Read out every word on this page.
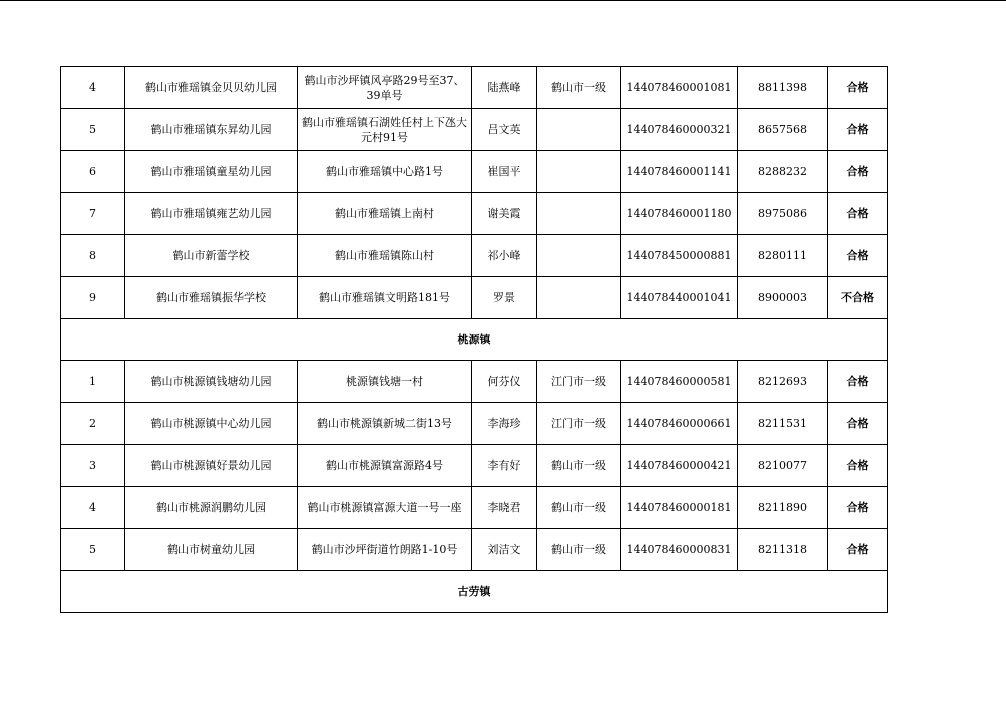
4	鹤山市雅瑶镇金贝贝幼儿园	鹤山市沙坪镇风亭路29号至37、39单号	陆燕峰	鹤山市一级	144078460001081	8811398	合格
5	鹤山市雅瑶镇东昇幼儿园	鹤山市雅瑶镇石湖姓任村上下氹大元村91号	吕文英		144078460000321	8657568	合格
6	鹤山市雅瑶镇童星幼儿园	鹤山市雅瑶镇中心路1号	崔国平		144078460001141	8288232	合格
7	鹤山市雅瑶镇雍艺幼儿园	鹤山市雅瑶镇上南村	谢美霞		144078460001180	8975086	合格
8	鹤山市新蕾学校	鹤山市雅瑶镇陈山村	祁小峰		144078450000881	8280111	合格
9	鹤山市雅瑶镇振华学校	鹤山市雅瑶镇文明路181号	罗景		144078440001041	8900003	不合格
桃源镇							
1	鹤山市桃源镇钱塘幼儿园	桃源镇钱塘一村	何芬仪	江门市一级	144078460000581	8212693	合格
2	鹤山市桃源镇中心幼儿园	鹤山市桃源镇新城二街13号	李海珍	江门市一级	144078460000661	8211531	合格
3	鹤山市桃源镇好景幼儿园	鹤山市桃源镇富源路4号	李有好	鹤山市一级	144078460000421	8210077	合格
4	鹤山市桃源润鹏幼儿园	鹤山市桃源镇富源大道一号一座	李晓君	鹤山市一级	144078460000181	8211890	合格
5	鹤山市树童幼儿园	鹤山市沙坪街道竹朗路1-10号	刘洁文	鹤山市一级	144078460000831	8211318	合格
古劳镇							
